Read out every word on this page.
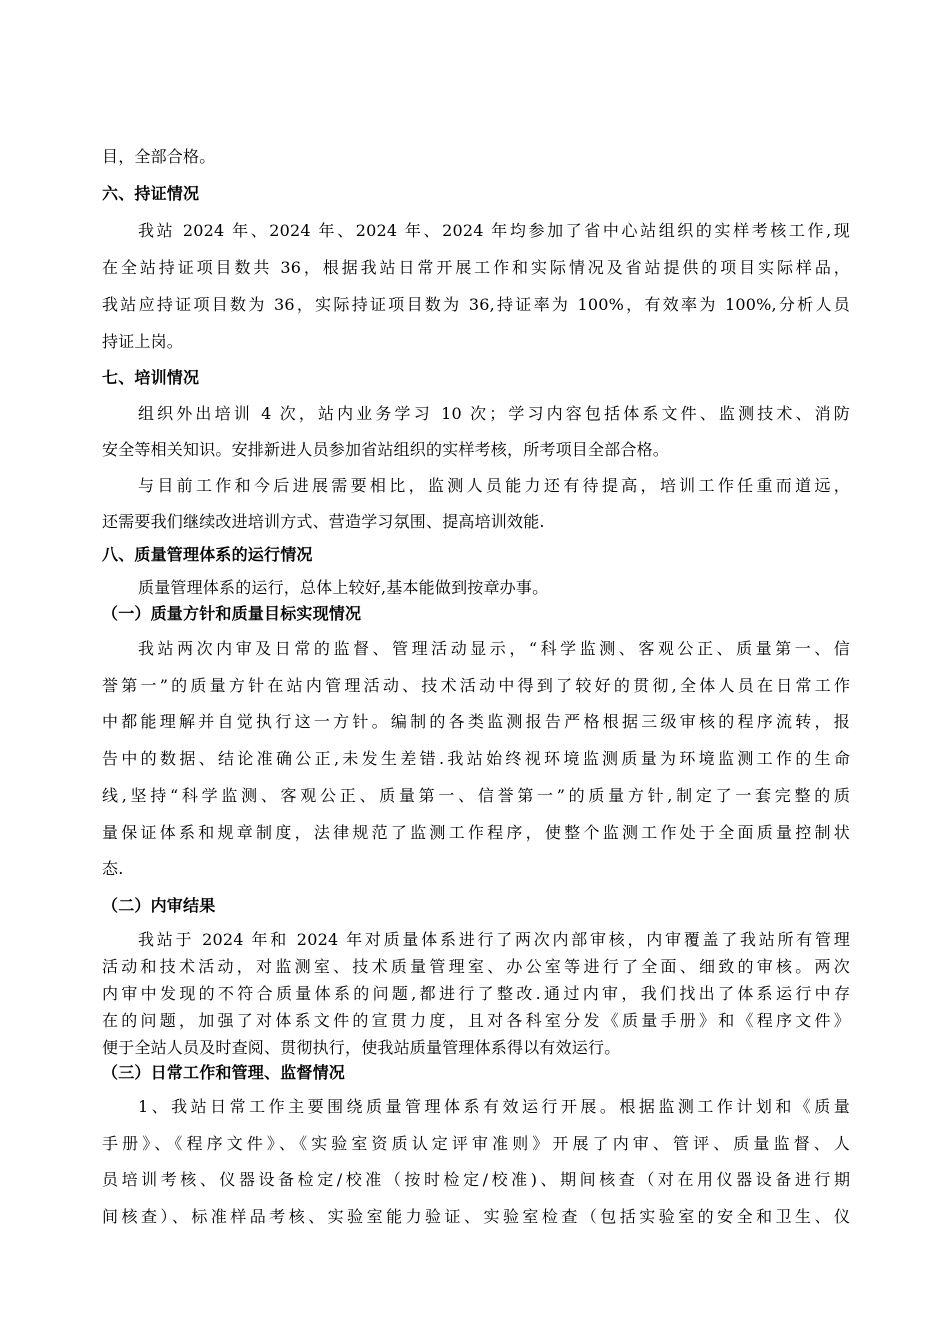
目，全部合格。
六、持证情况
我站 2024 年、2024 年、2024 年、2024 年均参加了省中心站组织的实样考核工作,现
在全站持证项目数共 36，根据我站日常开展工作和实际情况及省站提供的项目实际样品，
我站应持证项目数为 36，实际持证项目数为 36,持证率为 100%，有效率为 100%,分析人员
持证上岗。
七、培训情况
组织外出培训 4 次，站内业务学习 10 次；学习内容包括体系文件、监测技术、消防
安全等相关知识。安排新进人员参加省站组织的实样考核，所考项目全部合格。
与目前工作和今后进展需要相比，监测人员能力还有待提高，培训工作任重而道远，
还需要我们继续改进培训方式、营造学习氛围、提高培训效能.
八、质量管理体系的运行情况
质量管理体系的运行，总体上较好,基本能做到按章办事。
（一）质量方针和质量目标实现情况
我站两次内审及日常的监督、管理活动显示，“科学监测、客观公正、质量第一、信
誉第一”的质量方针在站内管理活动、技术活动中得到了较好的贯彻,全体人员在日常工作
中都能理解并自觉执行这一方针。编制的各类监测报告严格根据三级审核的程序流转，报
告中的数据、结论准确公正,未发生差错.我站始终视环境监测质量为环境监测工作的生命
线,坚持“科学监测、客观公正、质量第一、信誉第一”的质量方针,制定了一套完整的质
量保证体系和规章制度，法律规范了监测工作程序，使整个监测工作处于全面质量控制状
态.
（二）内审结果
我站于 2024 年和 2024 年对质量体系进行了两次内部审核，内审覆盖了我站所有管理
活动和技术活动，对监测室、技术质量管理室、办公室等进行了全面、细致的审核。两次
内审中发现的不符合质量体系的问题,都进行了整改.通过内审，我们找出了体系运行中存
在的问题，加强了对体系文件的宣贯力度，且对各科室分发《质量手册》和《程序文件》
便于全站人员及时查阅、贯彻执行，使我站质量管理体系得以有效运行。
（三）日常工作和管理、监督情况
1、我站日常工作主要围绕质量管理体系有效运行开展。根据监测工作计划和《质量
手册》、《程序文件》、《实验室资质认定评审准则》开展了内审、管评、质量监督、人
员培训考核、仪器设备检定/校准（按时检定/校准)、期间核查（对在用仪器设备进行期
间核查）、标准样品考核、实验室能力验证、实验室检查（包括实验室的安全和卫生、仪
